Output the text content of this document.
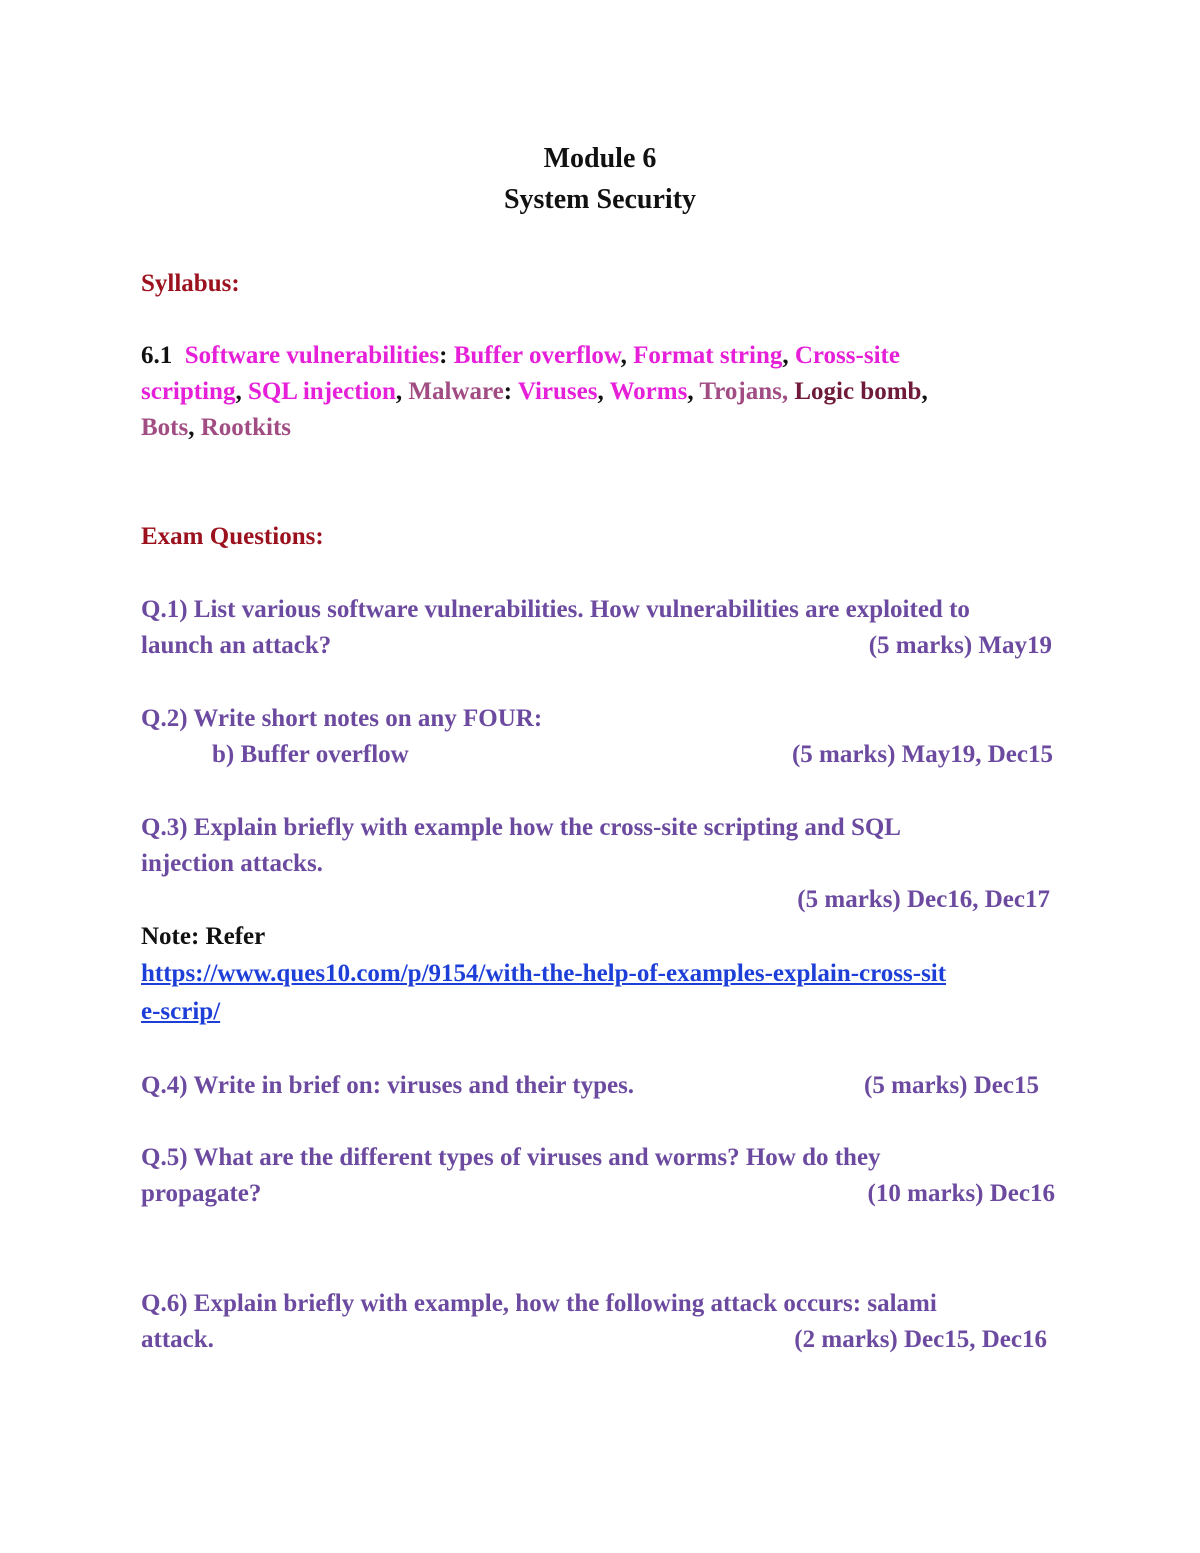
Module 6
System Security
Syllabus:
6.1 Software vulnerabilities: Buffer overflow, Format string, Cross-site
scripting, SQL injection, Malware: Viruses, Worms, Trojans, Logic bomb,
Bots, Rootkits
Exam Questions:
Q.1) List various software vulnerabilities. How vulnerabilities are exploited to
launch an attack?	(5 marks) May19
Q.2) Write short notes on any FOUR:
b) Buffer overflow	(5 marks) May19, Dec15
Q.3) Explain briefly with example how the cross-site scripting and SQL
injection attacks.
(5 marks) Dec16, Dec17
Note: Refer
https://www.ques10.com/p/9154/with-the-help-of-examples-explain-cross-sit
e-scrip/
Q.4) Write in brief on: viruses and their types.	(5 marks) Dec15
Q.5) What are the different types of viruses and worms? How do they
propagate?	(10 marks) Dec16
Q.6) Explain briefly with example, how the following attack occurs: salami
attack.	(2 marks) Dec15, Dec16
